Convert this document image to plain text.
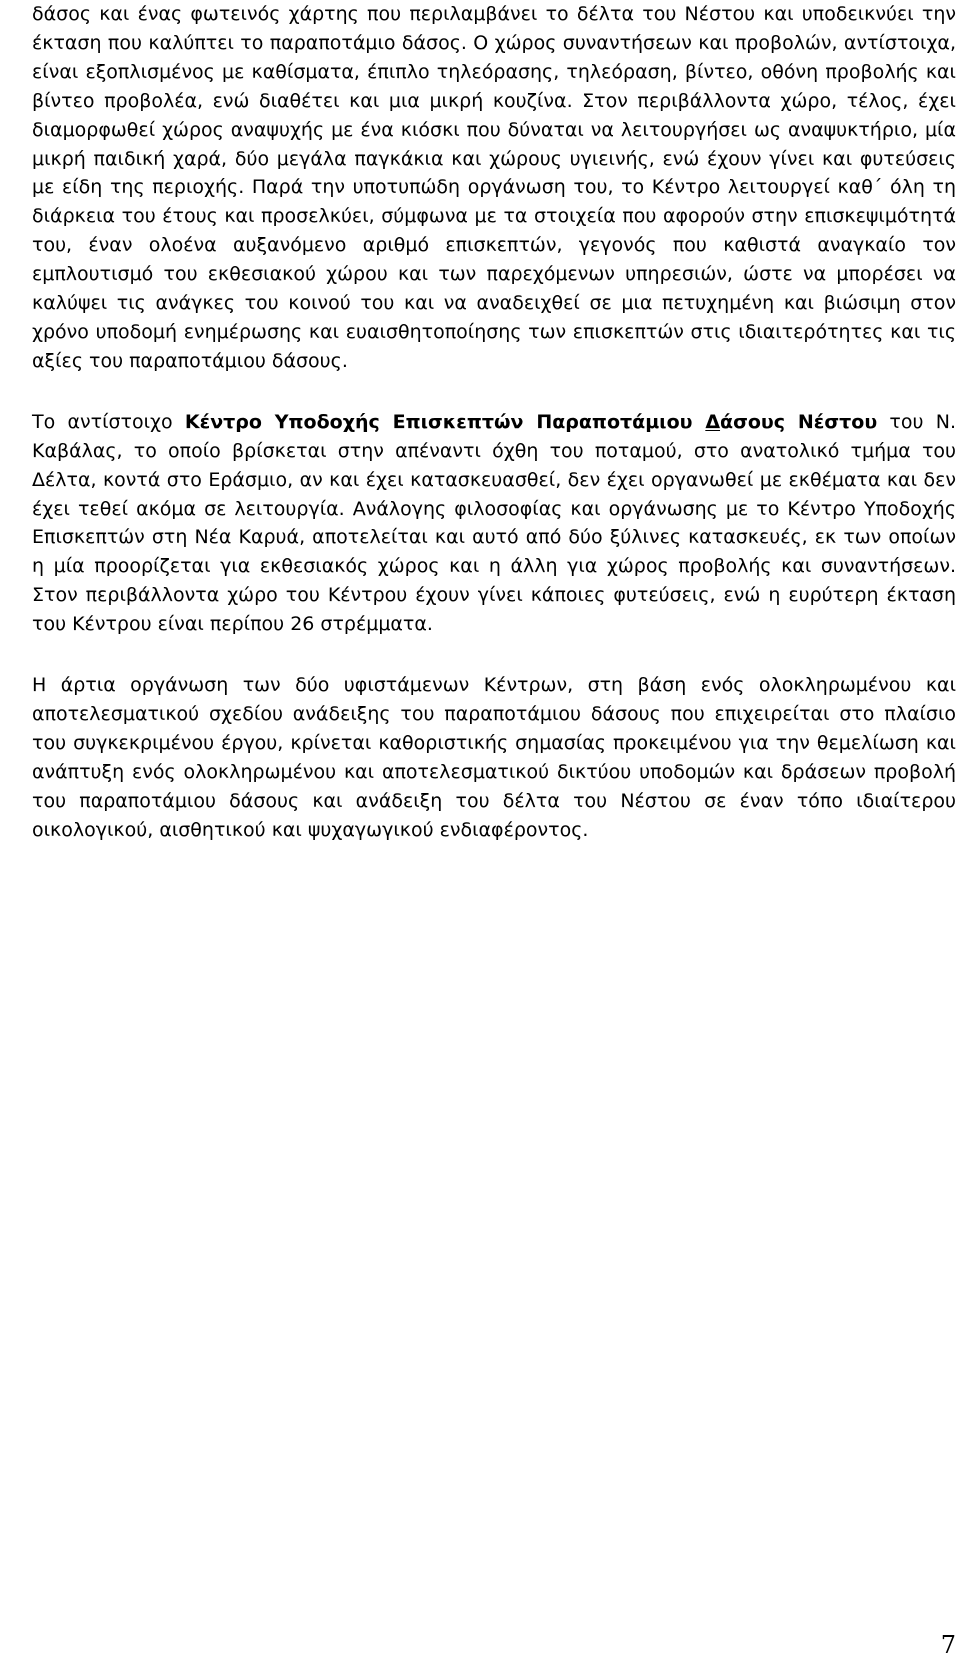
δάσος και ένας φωτεινός χάρτης που περιλαμβάνει το δέλτα του Νέστου και υποδεικνύει την έκταση που καλύπτει το παραποτάμιο δάσος. Ο χώρος συναντήσεων και προβολών, αντίστοιχα, είναι εξοπλισμένος με καθίσματα, έπιπλο τηλεόρασης, τηλεόραση, βίντεο, οθόνη προβολής και βίντεο προβολέα, ενώ διαθέτει και μια μικρή κουζίνα. Στον περιβάλλοντα χώρο, τέλος, έχει διαμορφωθεί χώρος αναψυχής με ένα κιόσκι που δύναται να λειτουργήσει ως αναψυκτήριο, μία μικρή παιδική χαρά, δύο μεγάλα παγκάκια και χώρους υγιεινής, ενώ έχουν γίνει και φυτεύσεις με είδη της περιοχής. Παρά την υποτυπώδη οργάνωση του, το Κέντρο λειτουργεί καθ΄ όλη τη διάρκεια του έτους και προσελκύει, σύμφωνα με τα στοιχεία που αφορούν στην επισκεψιμότητά του, έναν ολοένα αυξανόμενο αριθμό επισκεπτών, γεγονός που καθιστά αναγκαίο τον εμπλουτισμό του εκθεσιακού χώρου και των παρεχόμενων υπηρεσιών, ώστε να μπορέσει να καλύψει τις ανάγκες του κοινού του και να αναδειχθεί σε μια πετυχημένη και βιώσιμη στον χρόνο υποδομή ενημέρωσης και ευαισθητοποίησης των επισκεπτών στις ιδιαιτερότητες και τις αξίες του παραποτάμιου δάσους.

Το αντίστοιχο Κέντρο Υποδοχής Επισκεπτών Παραποτάμιου Δάσους Νέστου του Ν. Καβάλας, το οποίο βρίσκεται στην απέναντι όχθη του ποταμού, στο ανατολικό τμήμα του Δέλτα, κοντά στο Εράσμιο, αν και έχει κατασκευασθεί, δεν έχει οργανωθεί με εκθέματα και δεν έχει τεθεί ακόμα σε λειτουργία. Ανάλογης φιλοσοφίας και οργάνωσης με το Κέντρο Υποδοχής Επισκεπτών στη Νέα Καρυά, αποτελείται και αυτό από δύο ξύλινες κατασκευές, εκ των οποίων η μία προορίζεται για εκθεσιακός χώρος και η άλλη για χώρος προβολής και συναντήσεων. Στον περιβάλλοντα χώρο του Κέντρου έχουν γίνει κάποιες φυτεύσεις, ενώ η ευρύτερη έκταση του Κέντρου είναι περίπου 26 στρέμματα.

Η άρτια οργάνωση των δύο υφιστάμενων Κέντρων, στη βάση ενός ολοκληρωμένου και αποτελεσματικού σχεδίου ανάδειξης του παραποτάμιου δάσους που επιχειρείται στο πλαίσιο του συγκεκριμένου έργου, κρίνεται καθοριστικής σημασίας προκειμένου για την θεμελίωση και ανάπτυξη ενός ολοκληρωμένου και αποτελεσματικού δικτύου υποδομών και δράσεων προβολή του παραποτάμιου δάσους και ανάδειξη του δέλτα του Νέστου σε έναν τόπο ιδιαίτερου οικολογικού, αισθητικού και ψυχαγωγικού ενδιαφέροντος.

7
